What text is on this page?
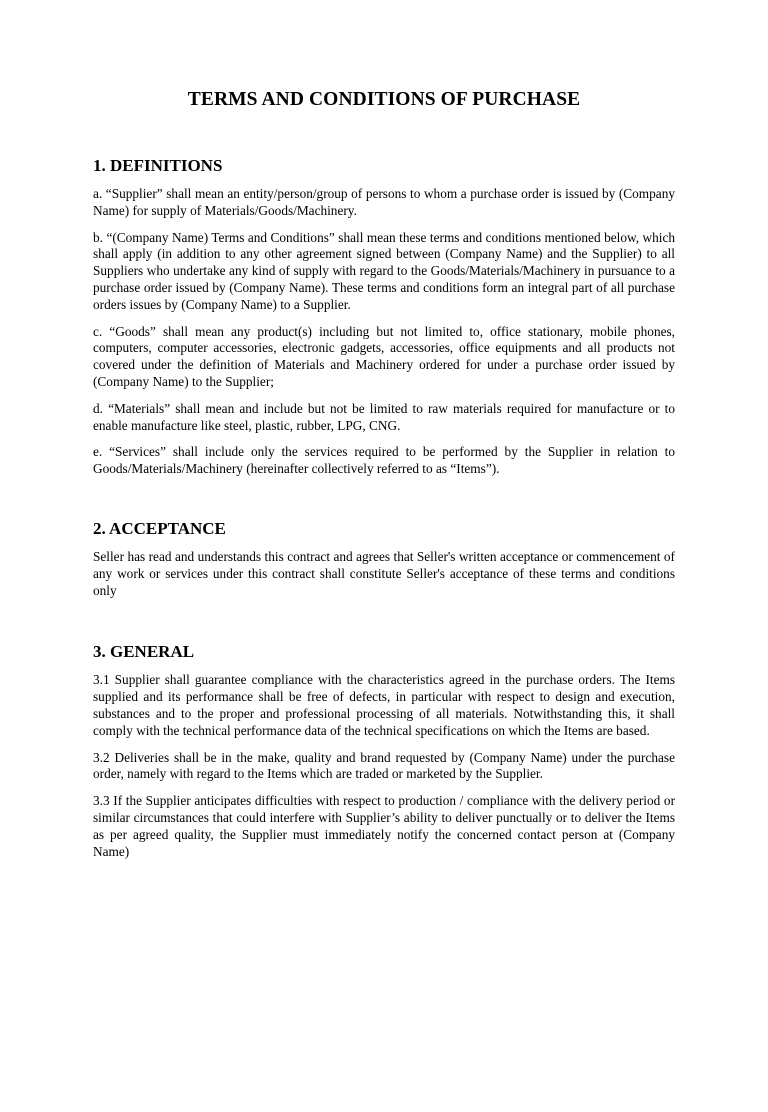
TERMS AND CONDITIONS OF PURCHASE
1. DEFINITIONS

a. “Supplier” shall mean an entity/person/group of persons to whom a purchase order is issued by (Company Name) for supply of Materials/Goods/Machinery.

b. “(Company Name) Terms and Conditions” shall mean these terms and conditions mentioned below, which shall apply (in addition to any other agreement signed between (Company Name) and the Supplier) to all Suppliers who undertake any kind of supply with regard to the Goods/Materials/Machinery in pursuance to a purchase order issued by (Company Name). These terms and conditions form an integral part of all purchase orders issues by (Company Name) to a Supplier.

c. “Goods” shall mean any product(s) including but not limited to, office stationary, mobile phones, computers, computer accessories, electronic gadgets, accessories, office equipments and all products not covered under the definition of Materials and Machinery ordered for under a purchase order issued by (Company Name) to the Supplier;

d. “Materials” shall mean and include but not be limited to raw materials required for manufacture or to enable manufacture like steel, plastic, rubber, LPG, CNG.

e. “Services” shall include only the services required to be performed by the Supplier in relation to Goods/Materials/Machinery (hereinafter collectively referred to as “Items”).

2. ACCEPTANCE

Seller has read and understands this contract and agrees that Seller's written acceptance or commencement of any work or services under this contract shall constitute Seller's acceptance of these terms and conditions only

3. GENERAL

3.1 Supplier shall guarantee compliance with the characteristics agreed in the purchase orders. The Items supplied and its performance shall be free of defects, in particular with respect to design and execution, substances and to the proper and professional processing of all materials. Notwithstanding this, it shall comply with the technical performance data of the technical specifications on which the Items are based.

3.2 Deliveries shall be in the make, quality and brand requested by (Company Name) under the purchase order, namely with regard to the Items which are traded or marketed by the Supplier.

3.3 If the Supplier anticipates difficulties with respect to production / compliance with the delivery period or similar circumstances that could interfere with Supplier’s ability to deliver punctually or to deliver the Items as per agreed quality, the Supplier must immediately notify the concerned contact person at (Company Name)
